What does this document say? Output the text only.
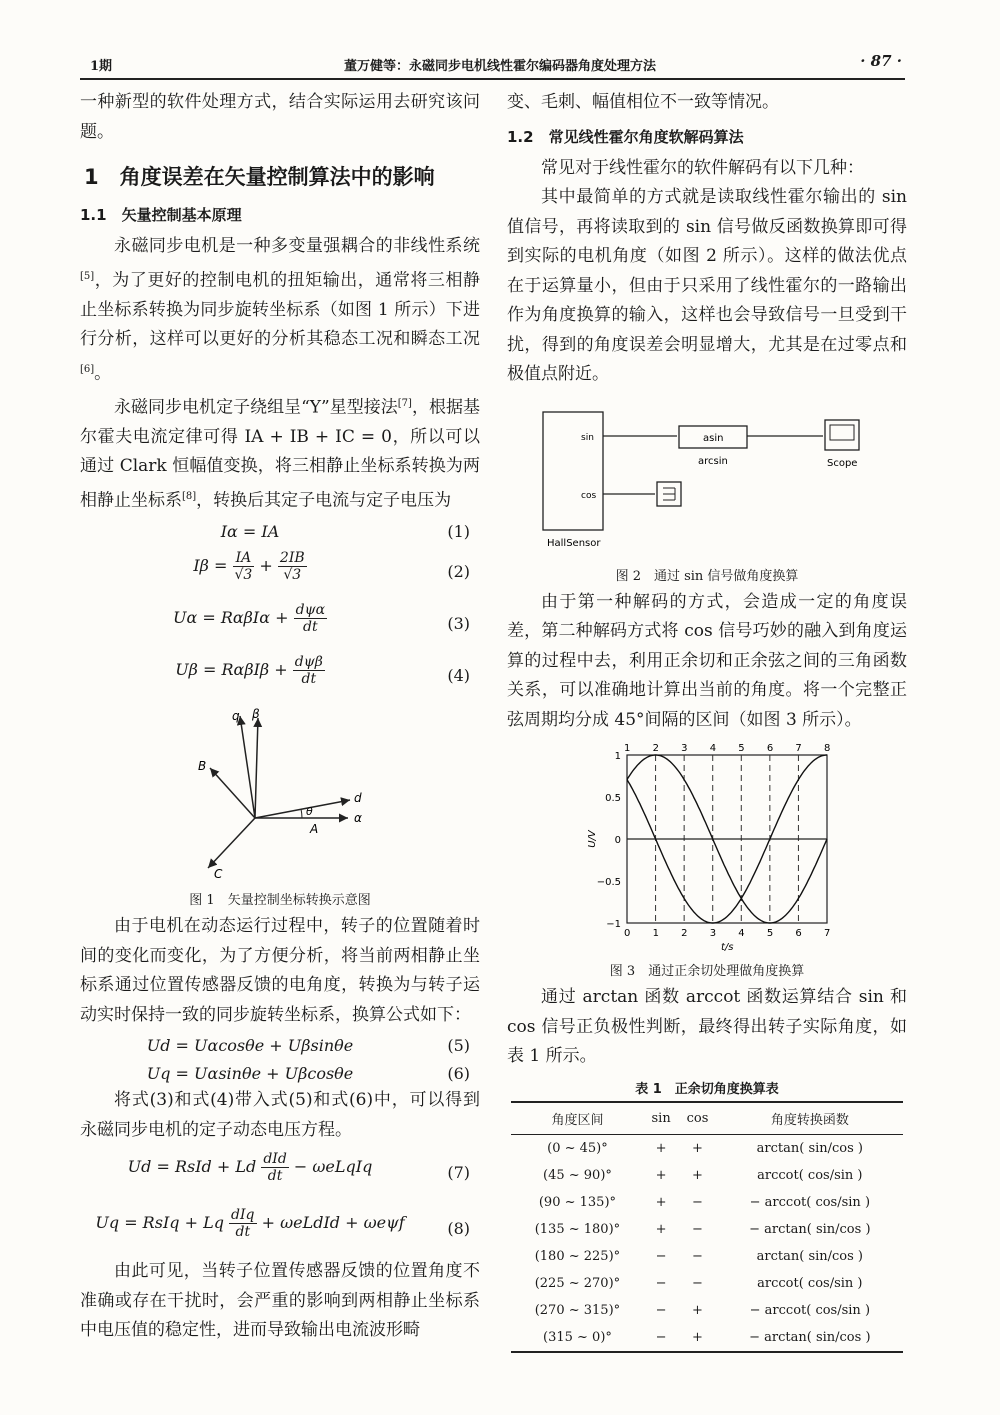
1期	董万健等：永磁同步电机线性霍尔编码器角度处理方法	· 87 ·

一种新型的软件处理方式，结合实际运用去研究该问题。

1　角度误差在矢量控制算法中的影响
1.1　矢量控制基本原理

永磁同步电机是一种多变量强耦合的非线性系统[5]，为了更好的控制电机的扭矩输出，通常将三相静止坐标系转换为同步旋转坐标系（如图 1 所示）下进行分析，这样可以更好的分析其稳态工况和瞬态工况[6]。

永磁同步电机定子绕组呈“Y”星型接法[7]，根据基尔霍夫电流定律可得 IA + IB + IC = 0，所以可以通过 Clark 恒幅值变换，将三相静止坐标系转换为两相静止坐标系[8]，转换后其定子电流与定子电压为

Iα = IA	(1)
$I\beta = \frac{IA}{√3} + \frac{2IB}{√3}$	(2)
$U\alpha = R\alpha\beta I\alpha + \frac{\text{dψα}}{dt}$	(3)
$U\beta = R\alpha\beta I\beta + \frac{\text{dψβ}}{dt}$	(4)
q β
B
d
θ	α
A
C
图 1　矢量控制坐标转换示意图

由于电机在动态运行过程中，转子的位置随着时间的变化而变化，为了方便分析，将当前两相静止坐标系通过位置传感器反馈的电角度，转换为与转子运动实时保持一致的同步旋转坐标系，换算公式如下：

Ud = Uαcosθe + Uβsinθe	(5)
Uq = Uαsinθe + Uβcosθe	(6)

将式(3)和式(4)带入式(5)和式(6)中，可以得到永磁同步电机的定子动态电压方程。

Ud = RsId + Ld $\frac{\text{dId}}{dt}$ − ωeLqIq	(7)
Uq = RsIq + Lq $\frac{\text{dIq}}{dt}$ + ωeLdId + ωeψf	(8)

由此可见，当转子位置传感器反馈的位置角度不准确或存在干扰时，会严重的影响到两相静止坐标系中电压值的稳定性，进而导致输出电流波形畸

变、毛刺、幅值相位不一致等情况。

1.2　常见线性霍尔角度软解码算法

常见对于线性霍尔的软件解码有以下几种：

其中最简单的方式就是读取线性霍尔输出的 sin 值信号，再将读取到的 sin 信号做反函数换算即可得到实际的电机角度（如图 2 所示）。这样的做法优点在于运算量小，但由于只采用了线性霍尔的一路输出作为角度换算的输入，这样也会导致信号一旦受到干扰，得到的角度误差会明显增大，尤其是在过零点和极值点附近。

sin
cos
HallSensor
asin
arcsin	Scope
图 2　通过 sin 信号做角度换算

由于第一种解码的方式，会造成一定的角度误差，第二种解码方式将 cos 信号巧妙的融入到角度运算的过程中去，利用正余切和正余弦之间的三角函数关系，可以准确地计算出当前的角度。将一个完整正弦周期均分成 45°间隔的区间（如图 3 所示）。

0 1 2 3 4 5 6 7
1 2 3 4 5 6 7 8
1
0.5
0
−0.5
−1
t/s
U/V
图 3　通过正余切处理做角度换算

通过 arctan 函数 arccot 函数运算结合 sin 和 cos 信号正负极性判断，最终得出转子实际角度，如表 1 所示。

表 1　正余切角度换算表
角度区间	sin	cos	角度转换函数
(0 ~ 45)°	+	+	arctan( sin/cos )
(45 ~ 90)°	+	+	arccot( cos/sin )
(90 ~ 135)°	+	−	− arccot( cos/sin )
(135 ~ 180)°	+	−	− arctan( sin/cos )
(180 ~ 225)°	−	−	arctan( sin/cos )
(225 ~ 270)°	−	−	arccot( cos/sin )
(270 ~ 315)°	−	+	− arccot( cos/sin )
(315 ~ 0)°	−	+	− arctan( sin/cos )
